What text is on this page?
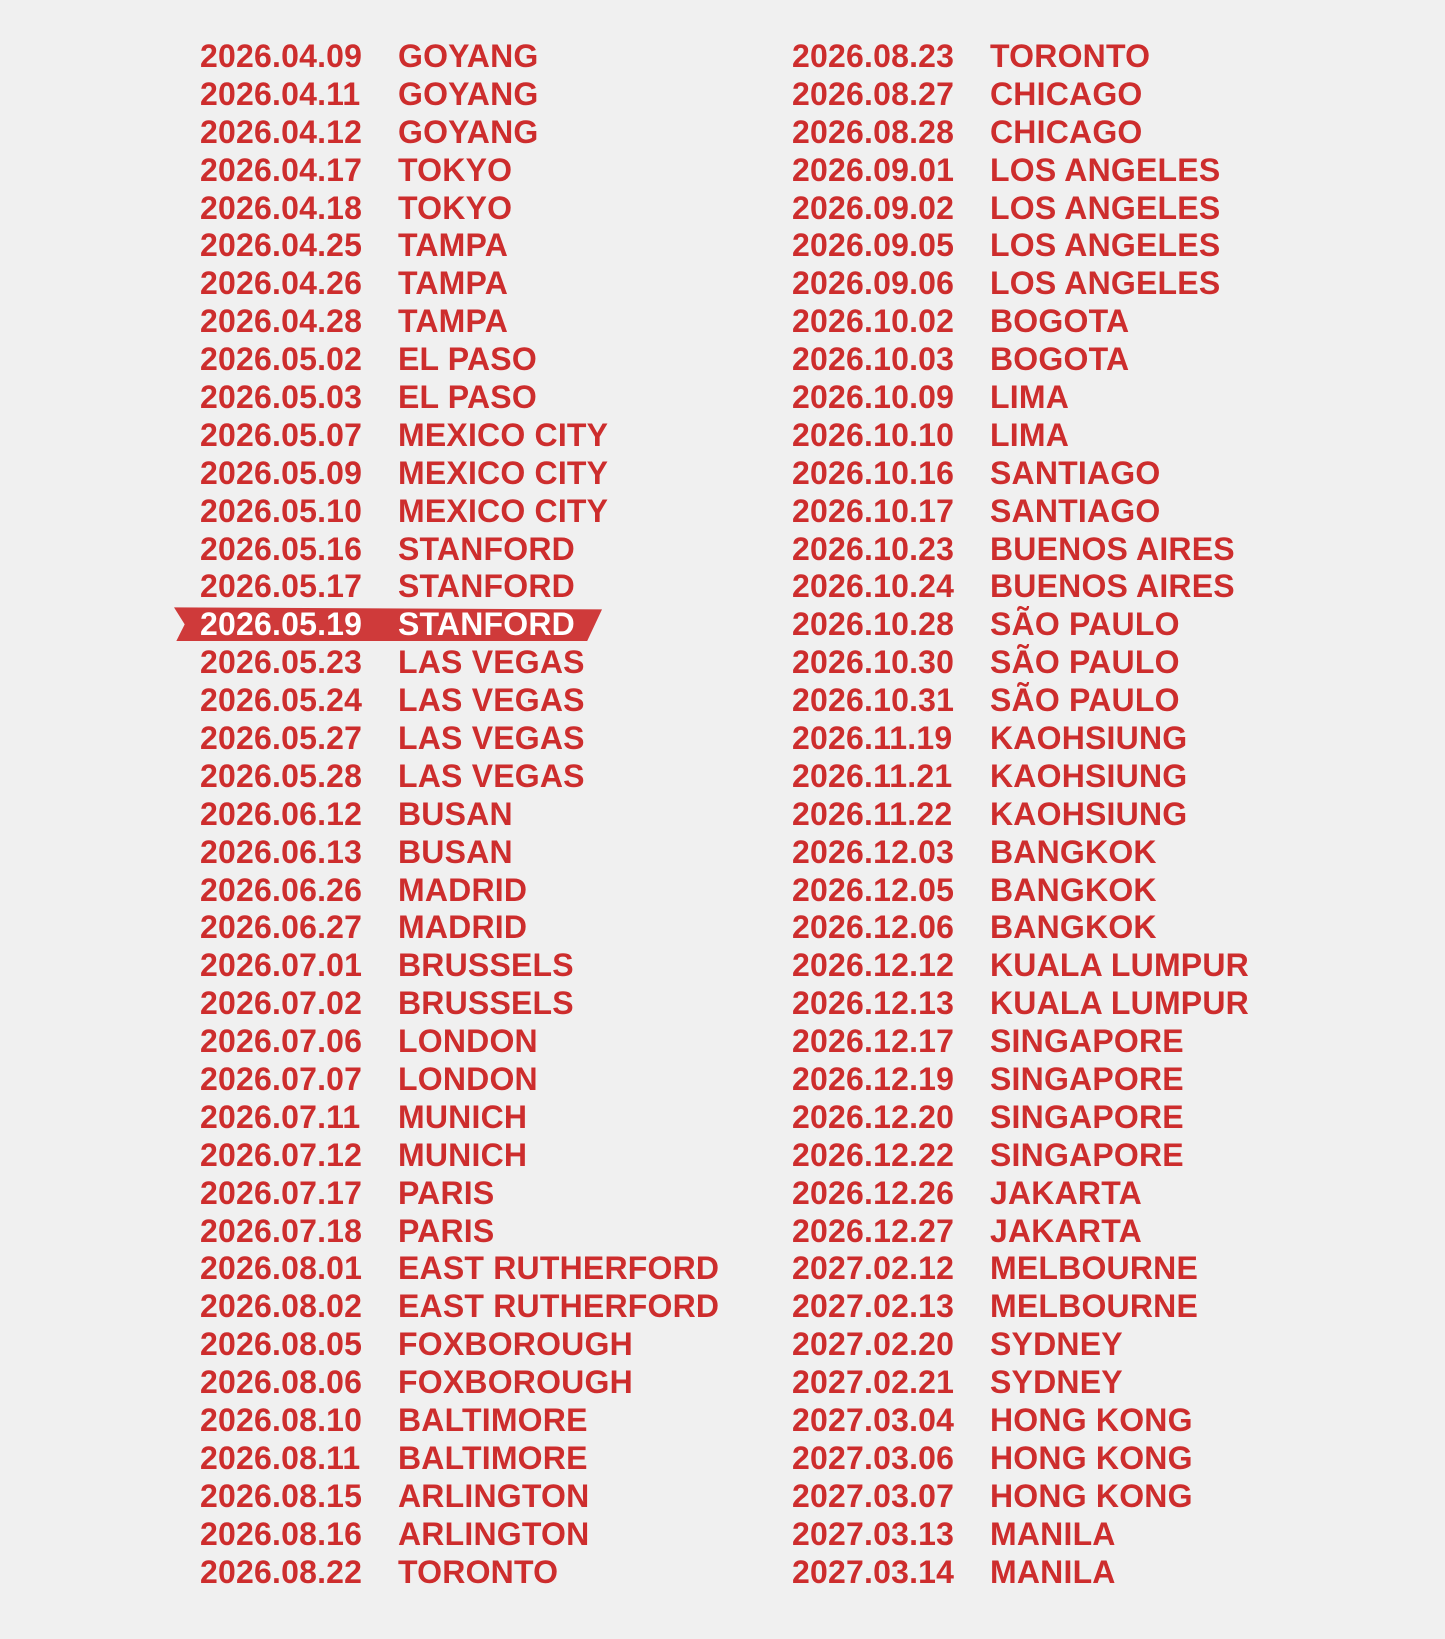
2026.04.09	GOYANG
2026.04.11	GOYANG
2026.04.12	GOYANG
2026.04.17	TOKYO
2026.04.18	TOKYO
2026.04.25	TAMPA
2026.04.26	TAMPA
2026.04.28	TAMPA
2026.05.02	EL PASO
2026.05.03	EL PASO
2026.05.07	MEXICO CITY
2026.05.09	MEXICO CITY
2026.05.10	MEXICO CITY
2026.05.16	STANFORD
2026.05.17	STANFORD
2026.05.19	STANFORD
2026.05.23	LAS VEGAS
2026.05.24	LAS VEGAS
2026.05.27	LAS VEGAS
2026.05.28	LAS VEGAS
2026.06.12	BUSAN
2026.06.13	BUSAN
2026.06.26	MADRID
2026.06.27	MADRID
2026.07.01	BRUSSELS
2026.07.02	BRUSSELS
2026.07.06	LONDON
2026.07.07	LONDON
2026.07.11	MUNICH
2026.07.12	MUNICH
2026.07.17	PARIS
2026.07.18	PARIS
2026.08.01	EAST RUTHERFORD
2026.08.02	EAST RUTHERFORD
2026.08.05	FOXBOROUGH
2026.08.06	FOXBOROUGH
2026.08.10	BALTIMORE
2026.08.11	BALTIMORE
2026.08.15	ARLINGTON
2026.08.16	ARLINGTON
2026.08.22	TORONTO
2026.08.23	TORONTO
2026.08.27	CHICAGO
2026.08.28	CHICAGO
2026.09.01	LOS ANGELES
2026.09.02	LOS ANGELES
2026.09.05	LOS ANGELES
2026.09.06	LOS ANGELES
2026.10.02	BOGOTA
2026.10.03	BOGOTA
2026.10.09	LIMA
2026.10.10	LIMA
2026.10.16	SANTIAGO
2026.10.17	SANTIAGO
2026.10.23	BUENOS AIRES
2026.10.24	BUENOS AIRES
2026.10.28	SÃO PAULO
2026.10.30	SÃO PAULO
2026.10.31	SÃO PAULO
2026.11.19	KAOHSIUNG
2026.11.21	KAOHSIUNG
2026.11.22	KAOHSIUNG
2026.12.03	BANGKOK
2026.12.05	BANGKOK
2026.12.06	BANGKOK
2026.12.12	KUALA LUMPUR
2026.12.13	KUALA LUMPUR
2026.12.17	SINGAPORE
2026.12.19	SINGAPORE
2026.12.20	SINGAPORE
2026.12.22	SINGAPORE
2026.12.26	JAKARTA
2026.12.27	JAKARTA
2027.02.12	MELBOURNE
2027.02.13	MELBOURNE
2027.02.20	SYDNEY
2027.02.21	SYDNEY
2027.03.04	HONG KONG
2027.03.06	HONG KONG
2027.03.07	HONG KONG
2027.03.13	MANILA
2027.03.14	MANILA
